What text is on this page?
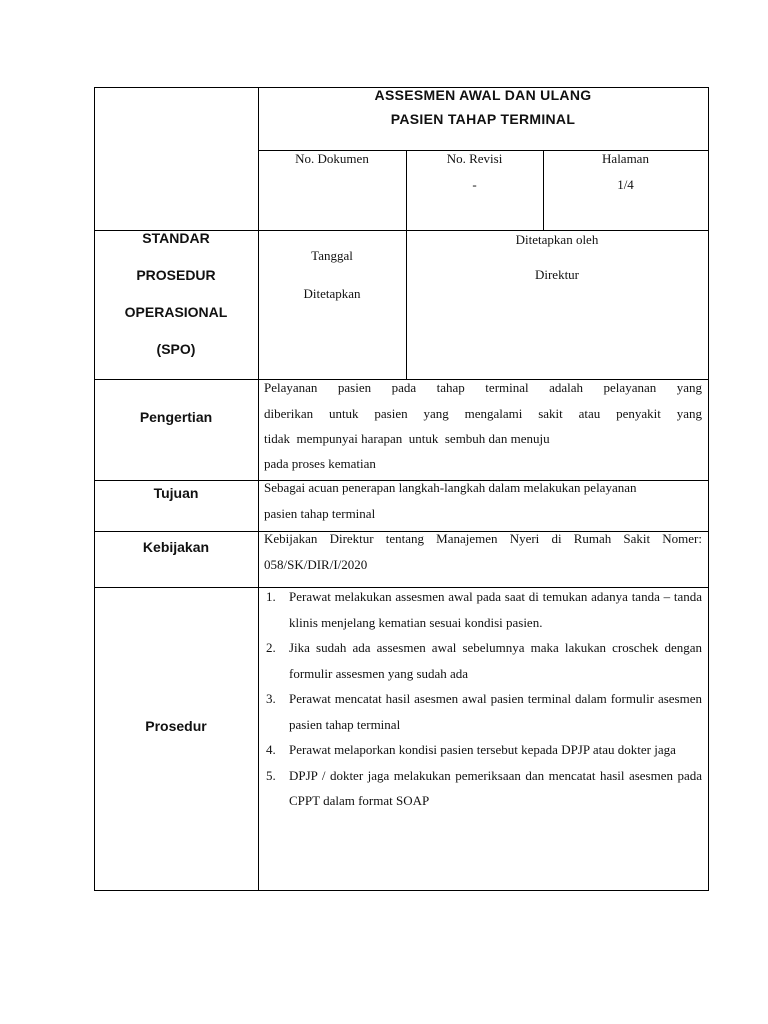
ASSESMEN AWAL DAN ULANG
PASIEN TAHAP TERMINAL
No. Dokumen	No. Revisi
-
Halaman
1/4
STANDAR
PROSEDUR
OPERASIONAL
(SPO)
Tanggal
Ditetapkan
Ditetapkan oleh
Direktur
Pengertian
Pelayanan pasien pada tahap terminal adalah pelayanan yang
diberikan untuk pasien yang mengalami sakit atau penyakit yang
tidak  mempunyai harapan  untuk  sembuh dan menuju
pada proses kematian
Tujuan	Sebagai acuan penerapan langkah-langkah dalam melakukan pelayanan pasien tahap terminal
Kebijakan
Kebijakan Direktur tentang Manajemen Nyeri di Rumah Sakit Nomer: 058/SK/DIR/I/2020
Prosedur
1. Perawat melakukan assesmen awal pada saat di temukan adanya tanda – tanda klinis menjelang kematian sesuai kondisi pasien.
2. Jika sudah ada assesmen awal sebelumnya maka lakukan croschek dengan formulir assesmen yang sudah ada
3. Perawat mencatat hasil asesmen awal pasien terminal dalam formulir asesmen pasien tahap terminal
4. Perawat melaporkan kondisi pasien tersebut kepada DPJP atau dokter jaga
5. DPJP / dokter jaga melakukan pemeriksaan dan mencatat hasil asesmen pada CPPT dalam format SOAP
